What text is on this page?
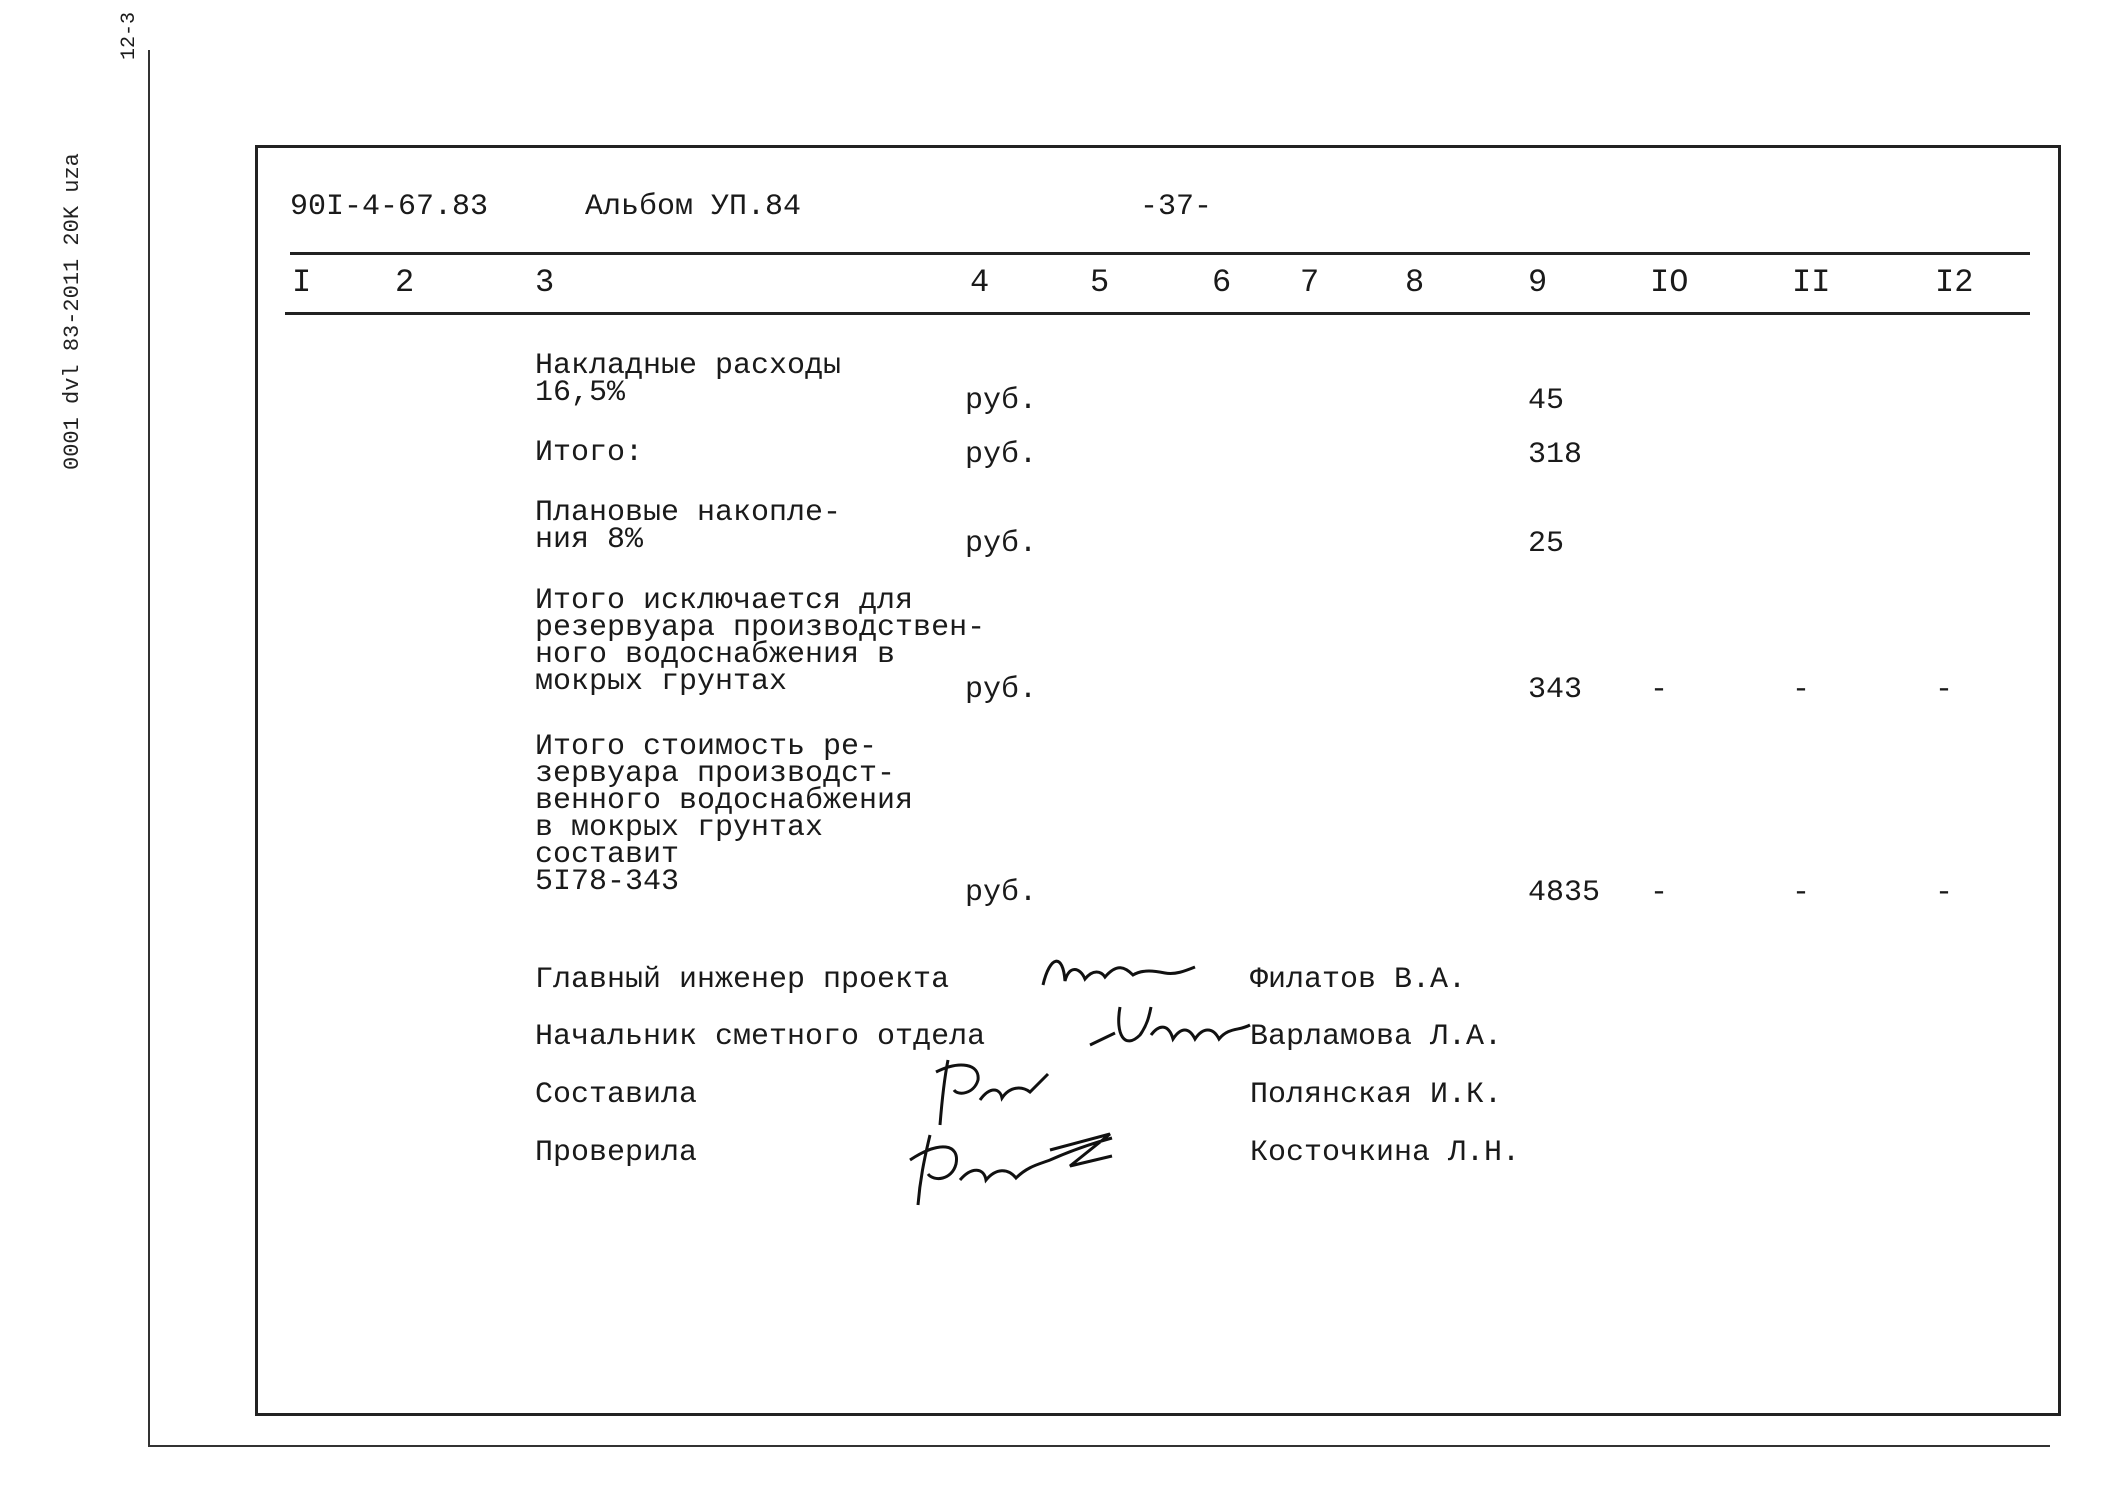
0001 dvl 83-2011 20K uza
12-3
90I-4-67.83	Альбом УП.84	-37-
I	2	3	4	5	6 7	8	9	IO	II	I2
Накладные расходы
16,5%	руб.	45
Итого:	руб.	318
Плановые накопле-
ния 8%	руб.	25
Итого исключается для
резервуара производствен-
ного водоснабжения в
мокрых грунтах	руб.	343 -	-	-
Итого стоимость ре-
зервуара производст-
венного водоснабжения
в мокрых грунтах
составит
5I78-343	руб.	4835 -	-	-
Главный инженер проекта	Филатов В.А.
Начальник сметного отдела	Варламова Л.А.
Составила	Полянская И.К.
Проверила	Косточкина Л.Н.
